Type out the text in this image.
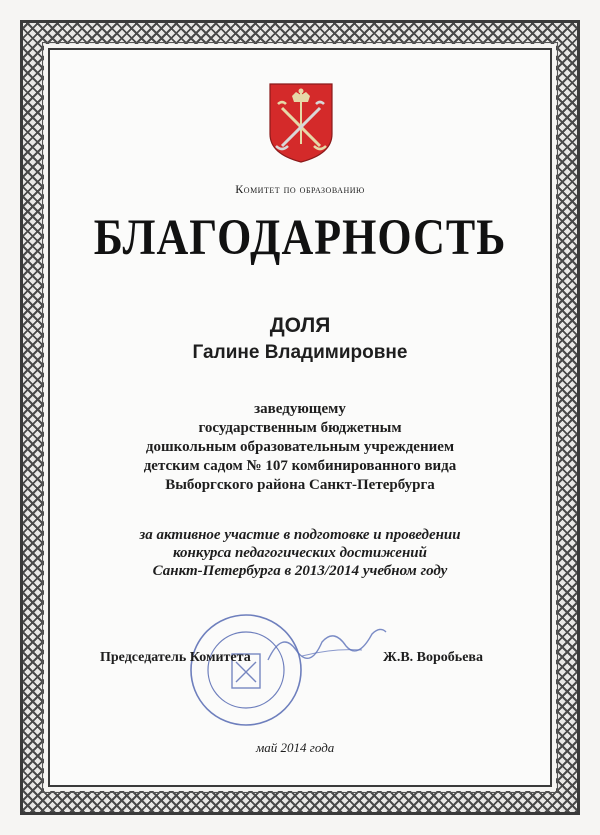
Комитет по образованию
БЛАГОДАРНОСТЬ
ДОЛЯ
Галине Владимировне
заведующему
государственным бюджетным
дошкольным образовательным учреждением
детским садом № 107 комбинированного вида
Выборгского района Санкт-Петербурга
за активное участие в подготовке и проведении
конкурса педагогических достижений
Санкт-Петербурга в 2013/2014 учебном году
Председатель Комитета	Ж.В. Воробьева
май 2014 года
